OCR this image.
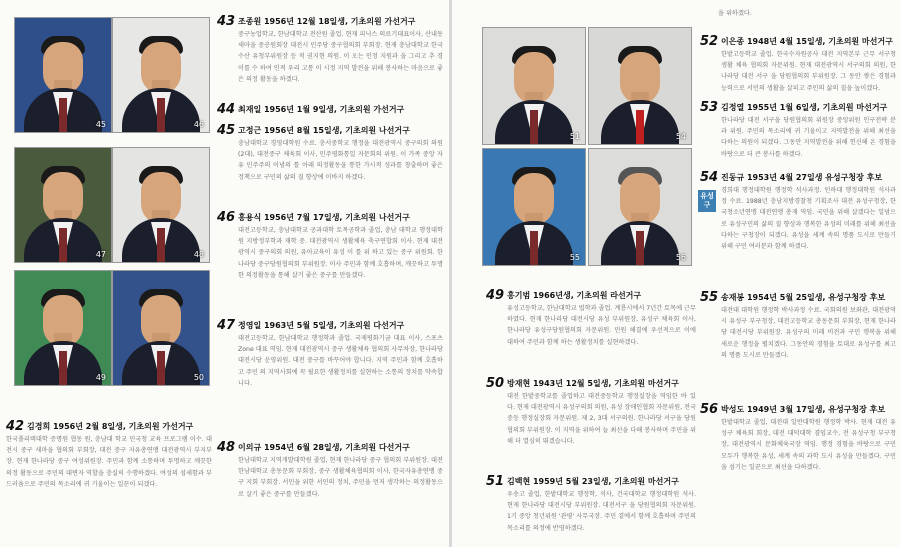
45	46
47	48
49	50
43 조종원 1956년 12월 18일생, 기초의원 가선거구
중구농업학교, 한남대학교 전산원 졸업. 현재 피닉스 의료기대표이사, 산내동새마을 중공원회장 대전시 민주당 중구협의회 부회장. 현재 충남대학교 한국수산 유청부위원장 등 적 권지현 의원. 이 오는 인정 지원과 을 그리고 추 경 이를 수 하여 인적 우리 고통 이 시정 지역 발전을 위해 봉사하는 마음으로 좋은 의정 활동을 하겠다.
44 최재일 1956년 1월 9일생, 기초의원 가선거구
45 고정근 1956년 8월 15일생, 기초의원 나선거구
충남대학교 경영대학원 수료. 충서중학교 행정을 대전광역시 중구의회 의원(2대), 대전중구 체육회 이사, 민주평화통일 자문회의 위원. 이 가족 중앙 자유 민주주의 이념의 틀 아래 의정활동을 통한 가시적 성과를 창출하며 좋은 정책으로 구민의 삶의 질 향상에 이바지 하겠다.
46 홍용식 1956년 7월 17일생, 기초의원 나선거구
대전고등학교, 충남대학교 공과대학 토목공학과 졸업, 충남 대학교 행정대학원 지방정부학과 재학 중. 대전광역시 생활체육 축구연합회 이사. 현재 대전광역시 중구의회 의원, 유아교육이 유성 이 를 위 하고 있는 중구 위원회. 한나라당 중구당원협의회 부위원장. 이사 주민과 함께 호흡하며, 깨끗하고 투명한 의정활동을 통해 살기 좋은 중구를 만들겠다.
47 정영일 1963년 5월 5일생, 기초의원 다선거구
대전고등학교, 한남대학교 행정학과 졸업. 국제평화기금 대표 이사, 스포츠 Zone 대표 역임. 현재 대전광역시 중구 생활체육 협의회 사무차장, 한나라당 대전시당 운영위원. 대전 중구를 바꾸어야 합니다. 지역 주민과 함께 호흡하고 주민 의 지역사회에 꼭 필요한 생활정치를 실현하는 소통의 정치를 약속합니다.
48 이의규 1954년 6월 28일생, 기초의원 다선거구
한남대학교 지역개발대학원 졸업, 현재 한나라당 중구 협의회 부위원장. 대전 한남대학교 총동문회 부회장, 중구 생활체육협의회 이사, 한국자유총연맹 중구 지회 부회장. 서민을 위한 서민의 정치, 주민을 먼저 생각하는 의정활동으로 살기 좋은 중구를 만들겠다.
42 김경희 1956년 2월 8일생, 기초의원 가선거구
한국폴리텍대학 증명원 협동 원, 충남대 학교 민국청 교육 프로그램 이수. 대전시 중구 새마을 협의회 부회장, 대전 중구 자유총연맹 대전광역시 부지부장. 현재 한나라당 중구 여성위원장. 주민과 함께 소통하며 투명하고 깨끗한 의정 활동으로 주민의 대변자 역할을 충실히 수행하겠다. 여성의 섬세함과 부드러움으로 주민의 목소리에 귀 기울이는 일꾼이 되겠다.
51	54
55	56
을 위하겠다.
52 이은종 1948년 4월 15일생, 기초의원 마선거구
한밭고등학교 졸업. 한국수자원공사 대전 지역본부 근무 서구청 생활 체육 협의회 자문위원. 현재 대전광역시 서구의회 의원, 한나라당 대전 서구 을 당원협의회 부위원장. 그 동안 쌓은 경험과 능력으로 서민의 생활을 살피고 주민의 삶의 질을 높이겠다.
53 김정열 1955년 1월 6일생, 기초의원 마선거구
한나라당 대전 서구을 당원협의회 위원장 중앙위원 인구전략 분과 위원. 주민의 목소리에 귀 기울이고 지역발전을 위해 최선을 다하는 의원이 되겠다. 그동안 지역발전을 위해 헌신해 온 경험을 바탕으로 더 큰 봉사를 하겠다.
54 진동규 1953년 4월 27일생 유성구청장 후보
경희대 행정대학원 행정학 석사과정. 인하대 행정대학원 석사과정 수료. 1988년 충남지방경찰청 기획조사 대전 유성구청장, 한국청소년연맹 대전연맹 총재 역임. 국민을 위해 살겠다는 일념으로 유성구민의 삶의 질 향상과 행복한 유성의 미래를 위해 최선을 다하는 구청장이 되겠다. 유성을 세계 속의 명품 도시로 만들기 위해 구민 여러분과 함께 하겠다.
유성구
49 홍기범 1966년생, 기초의원 라선거구
유성고등학교, 한남대학교 법학과 졸업. 계룡시에서 7년간 토목에 근무하였다. 현재 한나라당 대전시당 유성 부위원장, 유성구 체육회 이사, 한나라당 유성구당원협의회 자문위원. 민원 해결에 우선적으로 이에 대하여 주민과 함께 하는 생활정치를 실현하겠다.
50 방재현 1943년 12월 5일생, 기초의원 마선거구
대전 한밭중학교를 졸업하고 대전중등학교 행정실장을 역임한 바 있다. 현재 대전광역시 유성구의회 의원, 유성 장애인협회 자문위원, 전국 중등 행정실장회 자문위원. 제 2, 3대 서구의원. 한나라당 서구을 당원협의회 부위원장. 이 지역을 위하여 늘 최선을 다해 봉사하며 주민을 위해 더 열심히 뛰겠습니다.
51 김백현 1959년 5월 23일생, 기초의원 마선거구
우송고 졸업, 한밭대학교 행정학, 석사, 건국대학교 행정대학원 석사. 현재 한나라당 대전시당 부위원장. 대전서구 을 당원협의회 자문위원. 1기 중앙 청년위원 '관평' 사무국장. 주민 곁에서 함께 호흡하며 주민의 목소리를 의정에 반영하겠다.
55 송재봉 1954년 5월 25일생, 유성구청장 후보
대전대 대학원 행정학 박사과정 수료. 국회의원 보좌관, 대전광역시 유성구 부구청장, 대전고등학교 총동문회 부회장, 현재 한나라당 대전시당 부위원장. 유성구의 미래 비전과 구민 행복을 위해 새로운 행정을 펼치겠다. 그동안의 경험을 토대로 유성구를 최고의 명품 도시로 만들겠다.
56 박성도 1949년 3월 17일생, 유성구청장 후보
한밭대학교 졸업, 대전대 일반대학원 행정학 박사. 현재 대전 유성구 체육회 회장, 대전 대덕대학 겸임교수, 전 유성구청 부구청장, 대전광역시 문화체육국장 역임. 행정 경험을 바탕으로 구민 모두가 행복한 유성, 세계 속의 과학 도시 유성을 만들겠다. 구민을 섬기는 일꾼으로 최선을 다하겠다.
